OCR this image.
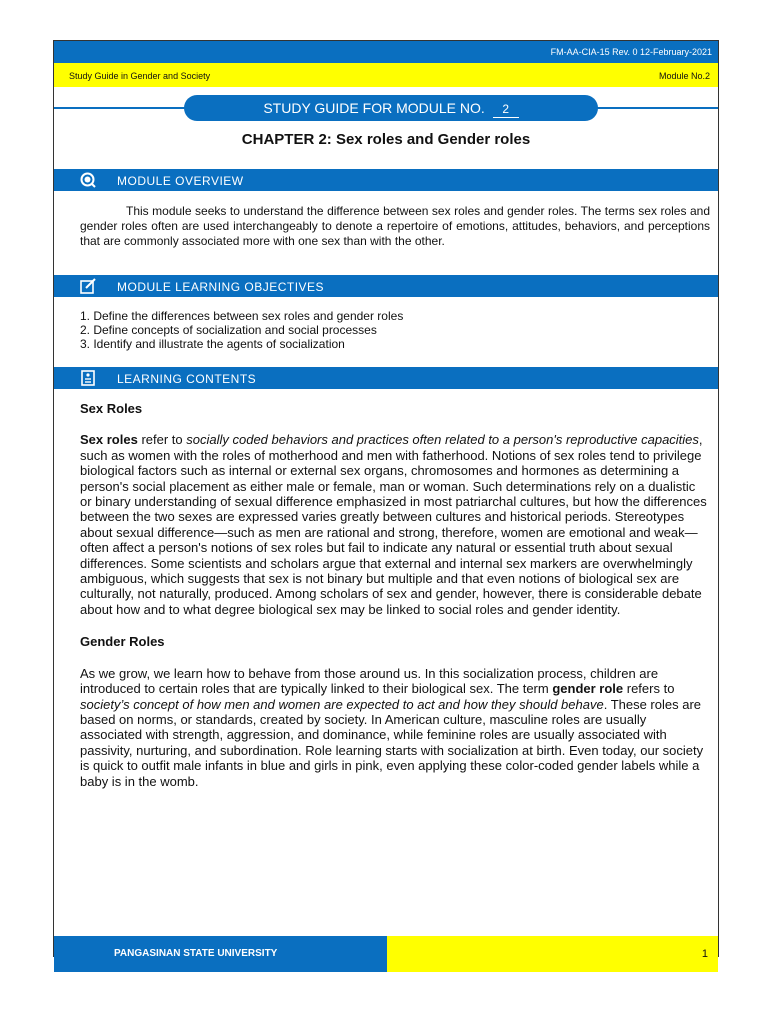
FM-AA-CIA-15 Rev. 0 12-February-2021
Study Guide in Gender and Society	Module No.2
STUDY GUIDE FOR MODULE NO. 2
CHAPTER 2: Sex roles and Gender roles
MODULE OVERVIEW

This module seeks to understand the difference between sex roles and gender roles. The terms sex roles and gender roles often are used interchangeably to denote a repertoire of emotions, attitudes, behaviors, and perceptions that are commonly associated more with one sex than with the other.

MODULE LEARNING OBJECTIVES
1. Define the differences between sex roles and gender roles
2. Define concepts of socialization and social processes
3. Identify and illustrate the agents of socialization
LEARNING CONTENTS
Sex Roles

Sex roles refer to socially coded behaviors and practices often related to a person's reproductive capacities, such as women with the roles of motherhood and men with fatherhood. Notions of sex roles tend to privilege biological factors such as internal or external sex organs, chromosomes and hormones as determining a person's social placement as either male or female, man or woman. Such determinations rely on a dualistic or binary understanding of sexual difference emphasized in most patriarchal cultures, but how the differences between the two sexes are expressed varies greatly between cultures and historical periods. Stereotypes about sexual difference—such as men are rational and strong, therefore, women are emotional and weak—often affect a person's notions of sex roles but fail to indicate any natural or essential truth about sexual differences. Some scientists and scholars argue that external and internal sex markers are overwhelmingly ambiguous, which suggests that sex is not binary but multiple and that even notions of biological sex are culturally, not naturally, produced. Among scholars of sex and gender, however, there is considerable debate about how and to what degree biological sex may be linked to social roles and gender identity.

Gender Roles

As we grow, we learn how to behave from those around us. In this socialization process, children are introduced to certain roles that are typically linked to their biological sex. The term gender role refers to society’s concept of how men and women are expected to act and how they should behave. These roles are based on norms, or standards, created by society. In American culture, masculine roles are usually associated with strength, aggression, and dominance, while feminine roles are usually associated with passivity, nurturing, and subordination. Role learning starts with socialization at birth. Even today, our society is quick to outfit male infants in blue and girls in pink, even applying these color-coded gender labels while a baby is in the womb.

PANGASINAN STATE UNIVERSITY	1
